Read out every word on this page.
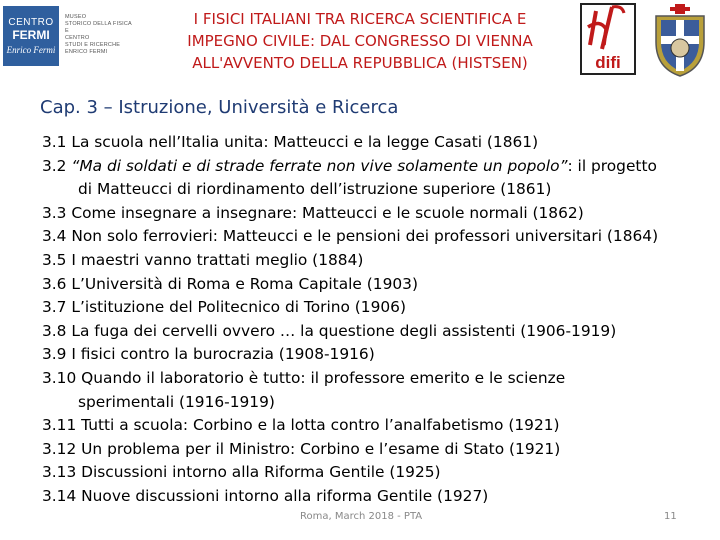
CENTRO
FERMI
Enrico Fermi
MUSEO
STORICO DELLA FISICA
E
CENTRO
STUDI E RICERCHE
ENRICO FERMI
I FISICI ITALIANI TRA RICERCA SCIENTIFICA E
IMPEGNO CIVILE: DAL CONGRESSO DI VIENNA
ALL'AVVENTO DELLA REPUBBLICA (HISTSEN)	difi
Cap. 3 – Istruzione, Università e Ricerca
3.1 La scuola nell’Italia unita: Matteucci e la legge Casati (1861)
3.2 “Ma di soldati e di strade ferrate non vive solamente un popolo”: il progetto
di Matteucci di riordinamento dell’istruzione superiore (1861)
3.3 Come insegnare a insegnare: Matteucci e le scuole normali (1862)
3.4 Non solo ferrovieri: Matteucci e le pensioni dei professori universitari (1864)
3.5 I maestri vanno trattati meglio (1884)
3.6 L’Università di Roma e Roma Capitale (1903)
3.7 L’istituzione del Politecnico di Torino (1906)
3.8 La fuga dei cervelli ovvero … la questione degli assistenti (1906-1919)
3.9 I fisici contro la burocrazia (1908-1916)
3.10 Quando il laboratorio è tutto: il professore emerito e le scienze
sperimentali (1916-1919)
3.11 Tutti a scuola: Corbino e la lotta contro l’analfabetismo (1921)
3.12 Un problema per il Ministro: Corbino e l’esame di Stato (1921)
3.13 Discussioni intorno alla Riforma Gentile (1925)
3.14 Nuove discussioni intorno alla riforma Gentile (1927)
Roma, March 2018 - PTA	11
